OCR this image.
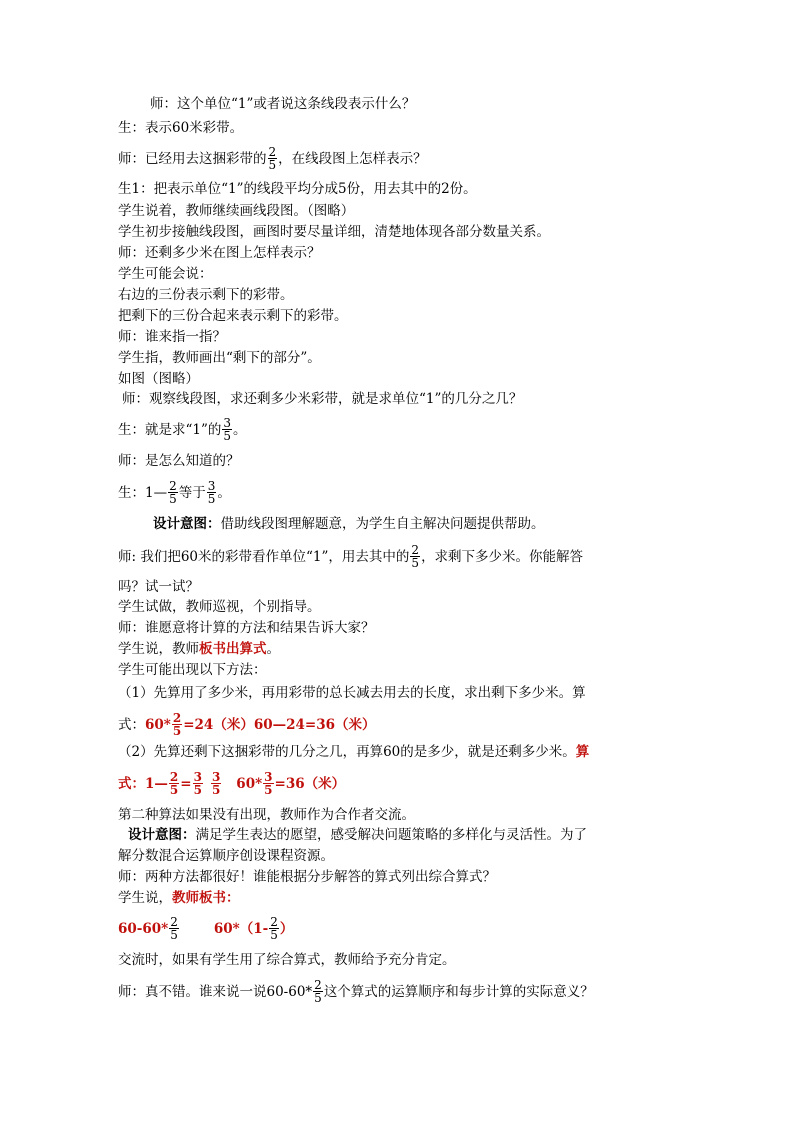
师：这个单位“1”或者说这条线段表示什么？
生：表示60米彩带。
师：已经用去这捆彩带的 $\frac{2}{5}$ ，在线段图上怎样表示？
生1：把表示单位“1”的线段平均分成5份，用去其中的2份。
学生说着，教师继续画线段图。（图略）
学生初步接触线段图，画图时要尽量详细，清楚地体现各部分数量关系。
师：还剩多少米在图上怎样表示？
学生可能会说：
右边的三份表示剩下的彩带。
把剩下的三份合起来表示剩下的彩带。
师：谁来指一指？
学生指，教师画出“剩下的部分”。
如图（图略）
师：观察线段图，求还剩多少米彩带，就是求单位“1”的几分之几？
生：就是求“1”的 $\frac{3}{5}$ 。
师：是怎么知道的？
生：1— $\frac{2}{5}$ 等于 $\frac{3}{5}$ 。
设计意图：借助线段图理解题意，为学生自主解决问题提供帮助。
师: 我们把60米的彩带看作单位“1”，用去其中的 $\frac{2}{5}$ ，求剩下多少米。你能解答
吗？试一试？
学生试做，教师巡视，个别指导。
师：谁愿意将计算的方法和结果告诉大家？
学生说，教师板书出算式。
学生可能出现以下方法：
（1）先算用了多少米，再用彩带的总长减去用去的长度，求出剩下多少米。算
式：$60* \frac{2}{5} =24$（米）60—24=36（米）
（2）先算还剩下这捆彩带的几分之几，再算60的是多少，就是还剩多少米。算
式：1— $\frac{2}{5} = \frac{3}{5} \frac{3}{5} 60* \frac{3}{5} =36$（米）
第二种算法如果没有出现，教师作为合作者交流。
设计意图：满足学生表达的愿望，感受解决问题策略的多样化与灵活性。为了
解分数混合运算顺序创设课程资源。
师：两种方法都很好！谁能根据分步解答的算式列出综合算式？
学生说，教师板书：
$60-60* \frac{2}{5}$	$60*(1- \frac{2}{5}$ ）
交流时，如果有学生用了综合算式，教师给予充分肯定。
师：真不错。谁来说一说$60-60* \frac{2}{5}$ 这个算式的运算顺序和每步计算的实际意义？
